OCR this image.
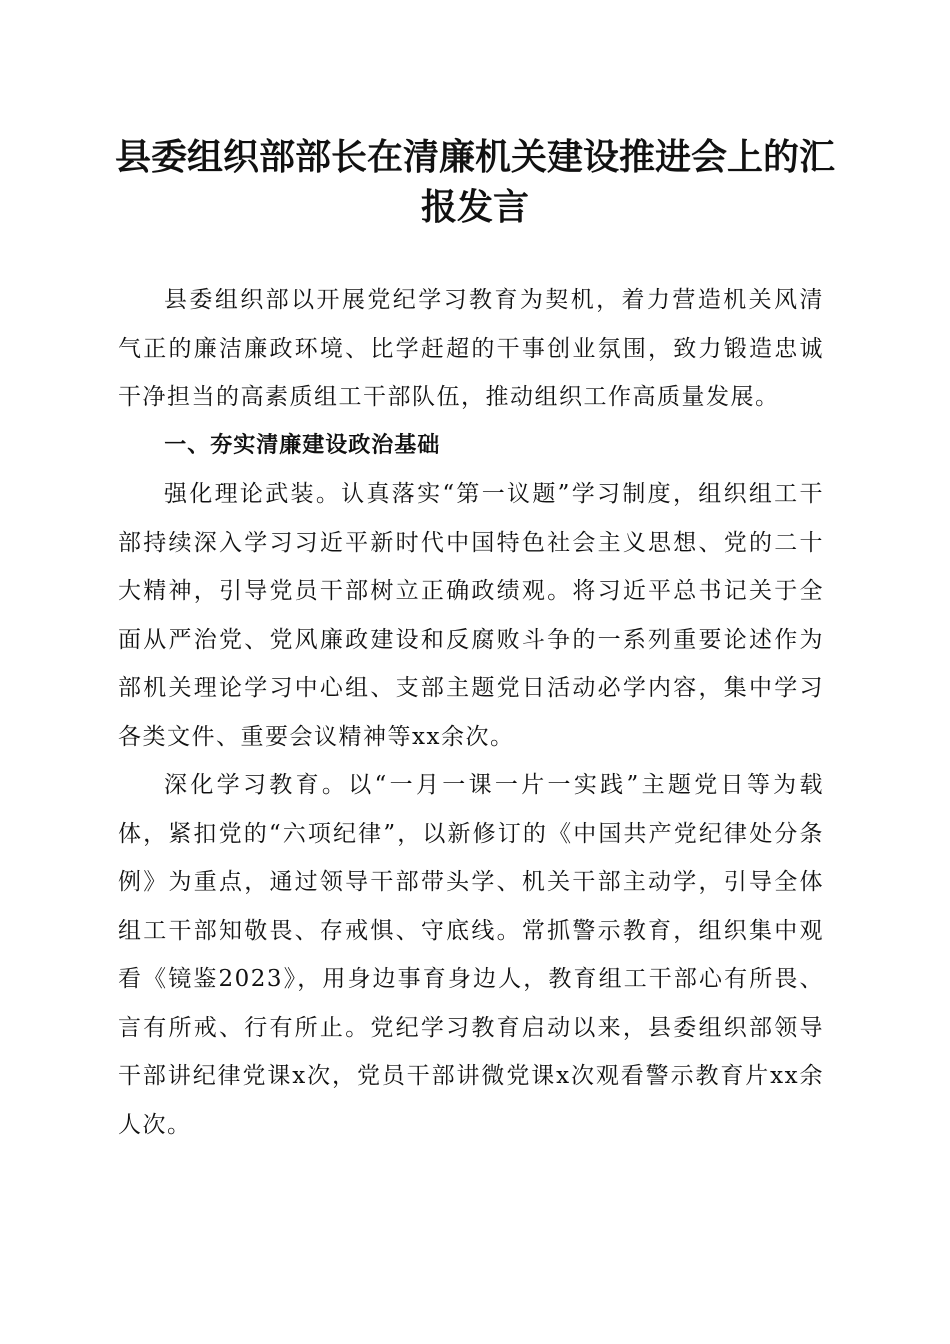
县委组织部部长在清廉机关建设推进会上的汇报发言

县委组织部以开展党纪学习教育为契机，着力营造机关风清气正的廉洁廉政环境、比学赶超的干事创业氛围，致力锻造忠诚干净担当的高素质组工干部队伍，推动组织工作高质量发展。

一、夯实清廉建设政治基础

强化理论武装。认真落实“第一议题”学习制度，组织组工干部持续深入学习习近平新时代中国特色社会主义思想、党的二十大精神，引导党员干部树立正确政绩观。将习近平总书记关于全面从严治党、党风廉政建设和反腐败斗争的一系列重要论述作为部机关理论学习中心组、支部主题党日活动必学内容，集中学习各类文件、重要会议精神等xx余次。

深化学习教育。以“一月一课一片一实践”主题党日等为载体，紧扣党的“六项纪律”，以新修订的《中国共产党纪律处分条例》为重点，通过领导干部带头学、机关干部主动学，引导全体组工干部知敬畏、存戒惧、守底线。常抓警示教育，组织集中观看《镜鉴2023》，用身边事育身边人，教育组工干部心有所畏、言有所戒、行有所止。党纪学习教育启动以来，县委组织部领导干部讲纪律党课x次，党员干部讲微党课x次观看警示教育片xx余人次。
